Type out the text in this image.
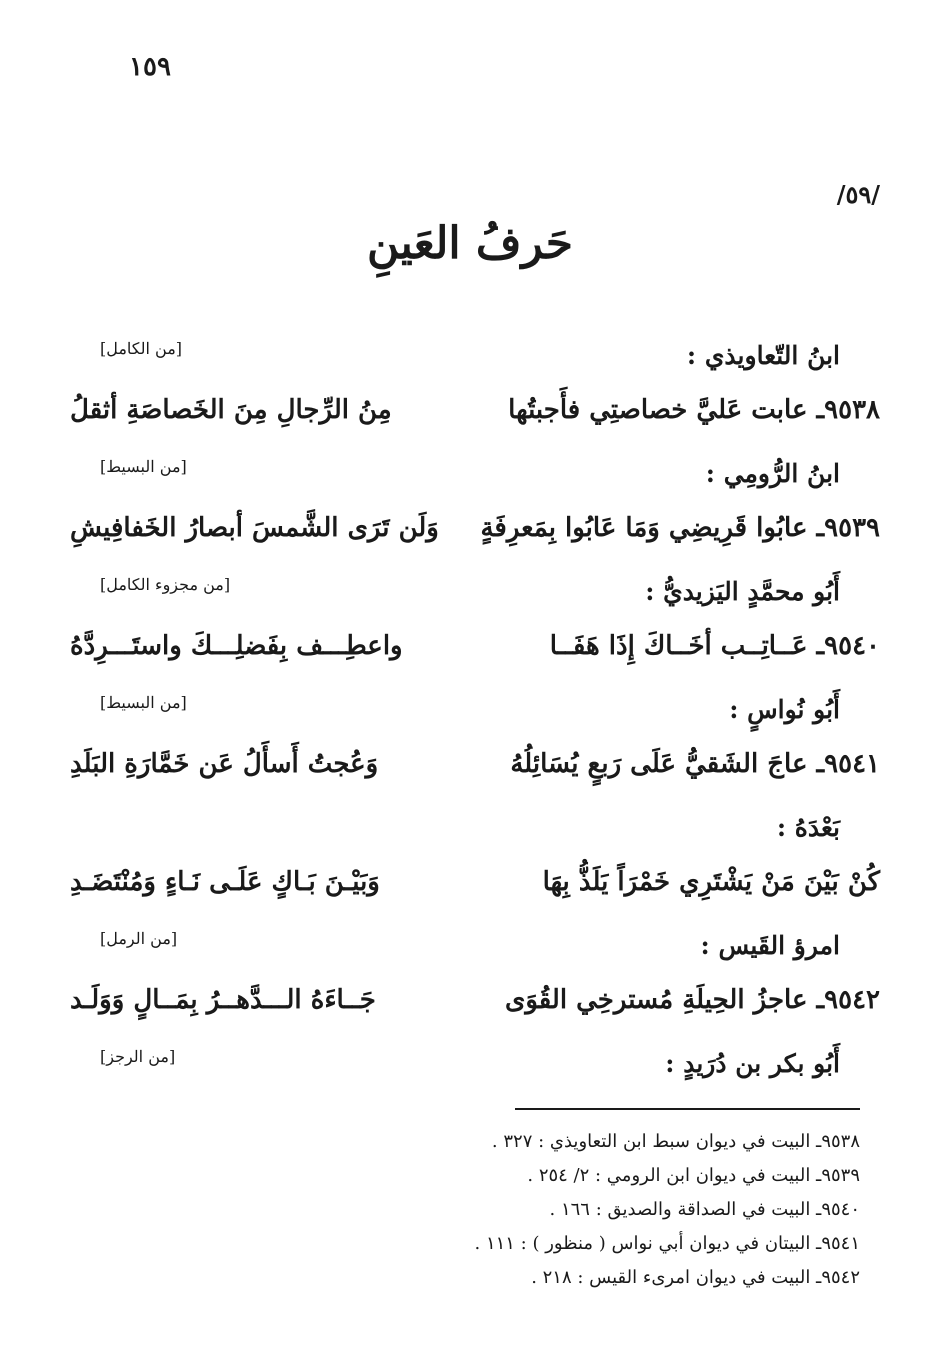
١٥٩
/٥٩/
حَرفُ العَينِ
ابنُ التّعاويذي :
[من الكامل]
٩٥٣٨ـ عابت عَليَّ خصاصتِي فأَجبتُها
مِنُ الرِّجالِ مِنَ الخَصاصَةِ أثقلُ
ابنُ الرُّومِي :
[من البسيط]
٩٥٣٩ـ عابُوا قَرِيضِي وَمَا عَابُوا بِمَعرِفَةٍ
وَلَن تَرَى الشَّمسَ أبصارُ الخَفافِيشِ
أَبُو محمَّدٍ اليَزيديُّ :
[من مجزوء الكامل]
٩٥٤٠ـ عَــاتِــب أخَــاكَ إِذَا هَفَــا
واعطِـــف بِفَضلِـــكَ واستَـــرِدَّهُ
أَبُو نُواسٍ :
[من البسيط]
٩٥٤١ـ عاجَ الشَقيُّ عَلَى رَبعٍ يُسَائِلُهُ
وَعُجتُ أَسأَلُ عَن خَمَّارَةِ البَلَدِ
بَعْدَهُ :
كُنْ بَيْنَ مَنْ يَشْتَرِي خَمْرَاً يَلَذُّ بِهَا
وَبَيْـنَ بَـاكٍ عَلَـى نَـاءٍ وَمُنْتَضَـدِ
امرؤ القَيس :
[من الرمل]
٩٥٤٢ـ عاجزُ الحِيلَةِ مُسترخِي القُوَى
جَــاءَهُ الـــدَّهــرُ بِمَــالٍ وَوَلَـد
أَبُو بكر بن دُرَيدٍ :
[من الرجز]
٩٥٣٨ـ البيت في ديوان سبط ابن التعاويذي : ٣٢٧ .
٩٥٣٩ـ البيت في ديوان ابن الرومي : ٢/ ٢٥٤ .
٩٥٤٠ـ البيت في الصداقة والصديق : ١٦٦ .
٩٥٤١ـ البيتان في ديوان أبي نواس ( منظور ) : ١١١ .
٩٥٤٢ـ البيت في ديوان امرىء القيس : ٢١٨ .
